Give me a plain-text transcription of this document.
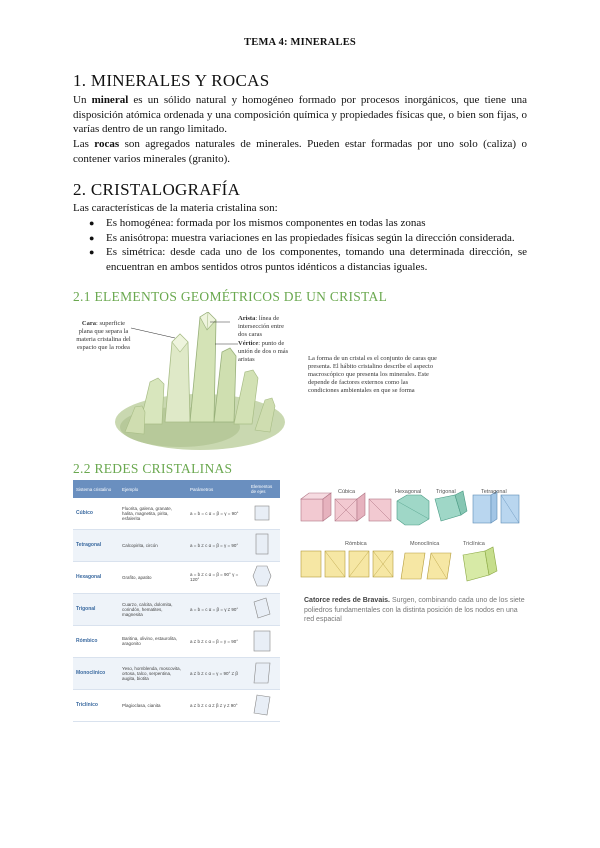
TEMA 4: MINERALES
1. MINERALES Y ROCAS

Un mineral es un sólido natural y homogéneo formado por procesos inorgánicos, que tiene una disposición atómica ordenada y una composición química y propiedades físicas que, o bien son fijas, o varías dentro de un rango limitado.

Las rocas son agregados naturales de minerales. Pueden estar formadas por uno solo (caliza) o contener varios minerales (granito).

2. CRISTALOGRAFÍA

Las características de la materia cristalina son:

● Es homogénea: formada por los mismos componentes en todas las zonas
● Es anisótropa: muestra variaciones en las propiedades físicas según la dirección considerada.
● Es simétrica: desde cada uno de los componentes, tomando una determinada dirección, se encuentran en ambos sentidos otros puntos idénticos a distancias iguales.
2.1 ELEMENTOS GEOMÉTRICOS DE UN CRISTAL
Cara: superficie plana que separa la materia cristalina del espacio que la rodea
Arista: línea de intersección entre dos caras
Vértice: punto de unión de dos o más aristas	La forma de un cristal es el conjunto de caras que presenta. El hábito cristalino describe el aspecto macroscópico que presenta los minerales. Este depende de factores externos como las condiciones ambientales en que se forma
2.2 REDES CRISTALINAS
Sistema cristalino	Ejemplo	Parámetros	Elementos de ejes
Cúbico	Fluorita, galena, granate, halita, magnetita, pirita, esfalerita	a = b = c α = β = γ = 90°	
Tetragonal	Calcopirita, circón	a = b ≠ c α = β = γ = 90°	
Hexagonal	Grafito, apatito	a = b ≠ c α = β = 90° γ = 120°	
Trigonal	Cuarzo, calcita, dolomita, corindón, hematites, magnesita	a = b = c α = β = γ ≠ 90°	
Rómbico	Baritina, olivino, estaurolita, aragonito	a ≠ b ≠ c α = β = γ = 90°	
Monoclínico	Yeso, hornblenda, moscovita, ortosa, talco, serpentina, augita, biotita	a ≠ b ≠ c α = γ = 90° ≠ β	
Triclínico	Plagioclasa, cianita	a ≠ b ≠ c α ≠ β ≠ γ ≠ 90°	
Cúbica	Hexagonal	Trigonal	Tetragonal
Rómbica	Monoclínica	Triclínica
Catorce redes de Bravais. Surgen, combinando cada uno de los siete poliedros fundamentales con la distinta posición de los nodos en una red espacial
